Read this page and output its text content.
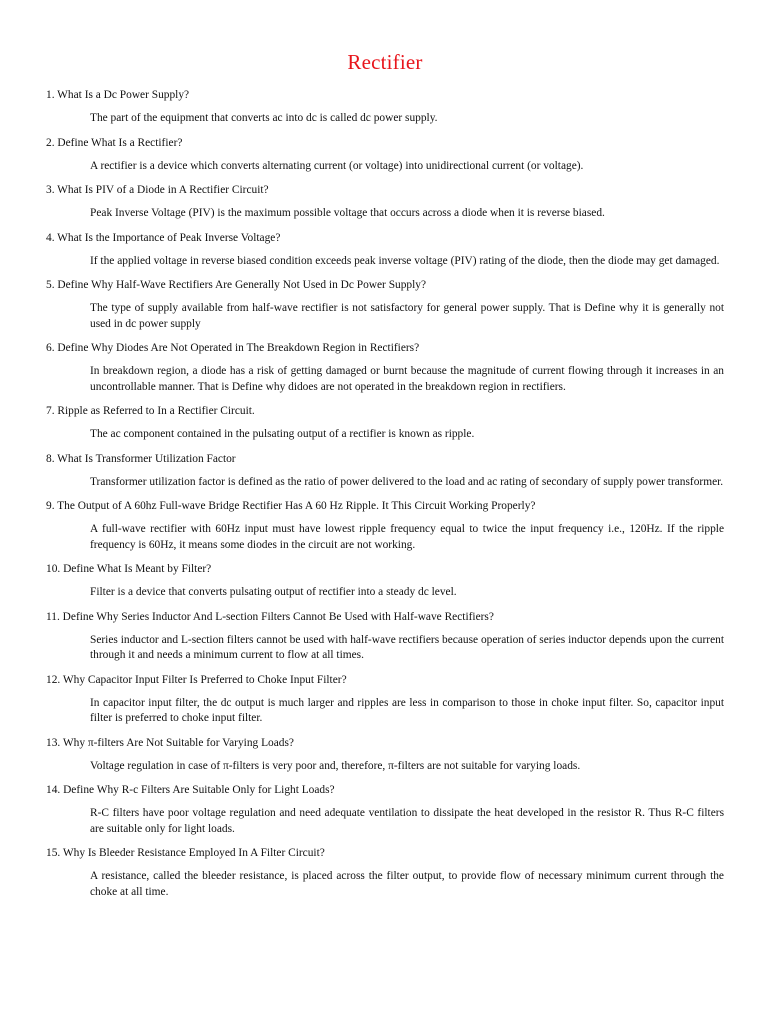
Rectifier

1. What Is a Dc Power Supply?

The part of the equipment that converts ac into dc is called dc power supply.

2. Define What Is a Rectifier?

A rectifier is a device which converts alternating current (or voltage) into unidirectional current (or voltage).

3. What Is PIV of a Diode in A Rectifier Circuit?

Peak Inverse Voltage (PIV) is the maximum possible voltage that occurs across a diode when it is reverse biased.

4. What Is the Importance of Peak Inverse Voltage?

If the applied voltage in reverse biased condition exceeds peak inverse voltage (PIV) rating of the diode, then the diode may get damaged.

5. Define Why Half-Wave Rectifiers Are Generally Not Used in Dc Power Supply?

The type of supply available from half-wave rectifier is not satisfactory for general power supply. That is Define why it is generally not used in dc power supply

6. Define Why Diodes Are Not Operated in The Breakdown Region in Rectifiers?

In breakdown region, a diode has a risk of getting damaged or burnt because the magnitude of current flowing through it increases in an uncontrollable manner. That is Define why didoes are not operated in the breakdown region in rectifiers.

7. Ripple as Referred to In a Rectifier Circuit.

The ac component contained in the pulsating output of a rectifier is known as ripple.

8. What Is Transformer Utilization Factor

Transformer utilization factor is defined as the ratio of power delivered to the load and ac rating of secondary of supply power transformer.

9. The Output of A 60hz Full-wave Bridge Rectifier Has A 60 Hz Ripple. It This Circuit Working Properly?

A full-wave rectifier with 60Hz input must have lowest ripple frequency equal to twice the input frequency i.e., 120Hz. If the ripple frequency is 60Hz, it means some diodes in the circuit are not working.

10. Define What Is Meant by Filter?

Filter is a device that converts pulsating output of rectifier into a steady dc level.

11. Define Why Series Inductor And L-section Filters Cannot Be Used with Half-wave Rectifiers?

Series inductor and L-section filters cannot be used with half-wave rectifiers because operation of series inductor depends upon the current through it and needs a minimum current to flow at all times.

12. Why Capacitor Input Filter Is Preferred to Choke Input Filter?

In capacitor input filter, the dc output is much larger and ripples are less in comparison to those in choke input filter. So, capacitor input filter is preferred to choke input filter.

13. Why π-filters Are Not Suitable for Varying Loads?

Voltage regulation in case of π-filters is very poor and, therefore, π-filters are not suitable for varying loads.

14. Define Why R-c Filters Are Suitable Only for Light Loads?

R-C filters have poor voltage regulation and need adequate ventilation to dissipate the heat developed in the resistor R. Thus R-C filters are suitable only for light loads.

15. Why Is Bleeder Resistance Employed In A Filter Circuit?

A resistance, called the bleeder resistance, is placed across the filter output, to provide flow of necessary minimum current through the choke at all time.
